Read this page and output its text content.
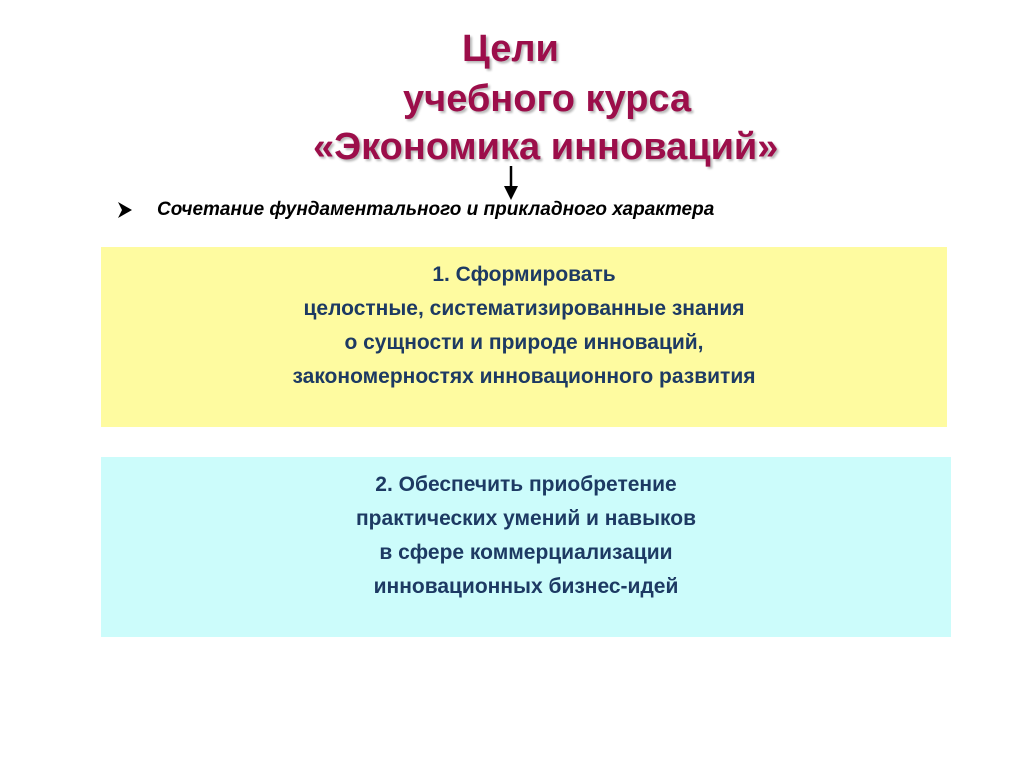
Цели
учебного курса
«Экономика инноваций»
Сочетание фундаментального и прикладного характера
1. Сформировать
целостные, систематизированные знания
о сущности и природе инноваций,
закономерностях инновационного развития
2. Обеспечить приобретение
практических умений и навыков
в сфере коммерциализации
инновационных бизнес-идей
